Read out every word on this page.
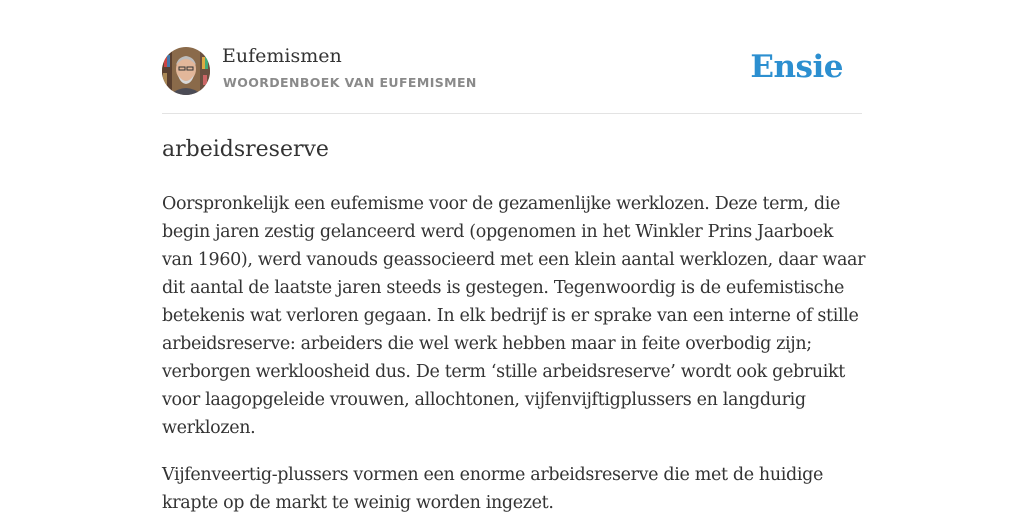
Eufemismen
WOORDENBOEK VAN EUFEMISMEN	Ensie
arbeidsreserve

Oorspronkelijk een eufemisme voor de gezamenlijke werklozen. Deze term, die begin jaren zestig gelanceerd werd (opgenomen in het Winkler Prins Jaarboek van 1960), werd vanouds geassocieerd met een klein aantal werklozen, daar waar dit aantal de laatste jaren steeds is gestegen. Tegenwoordig is de eufemistische betekenis wat verloren gegaan. In elk bedrijf is er sprake van een interne of stille arbeidsreserve: arbeiders die wel werk hebben maar in feite overbodig zijn; verborgen werkloosheid dus. De term ‘stille arbeidsreserve’ wordt ook gebruikt voor laagopgeleide vrouwen, allochtonen, vijfenvijftigplussers en langdurig werklozen.

Vijfenveertig-plussers vormen een enorme arbeidsreserve die met de huidige krapte op de markt te weinig worden ingezet.
